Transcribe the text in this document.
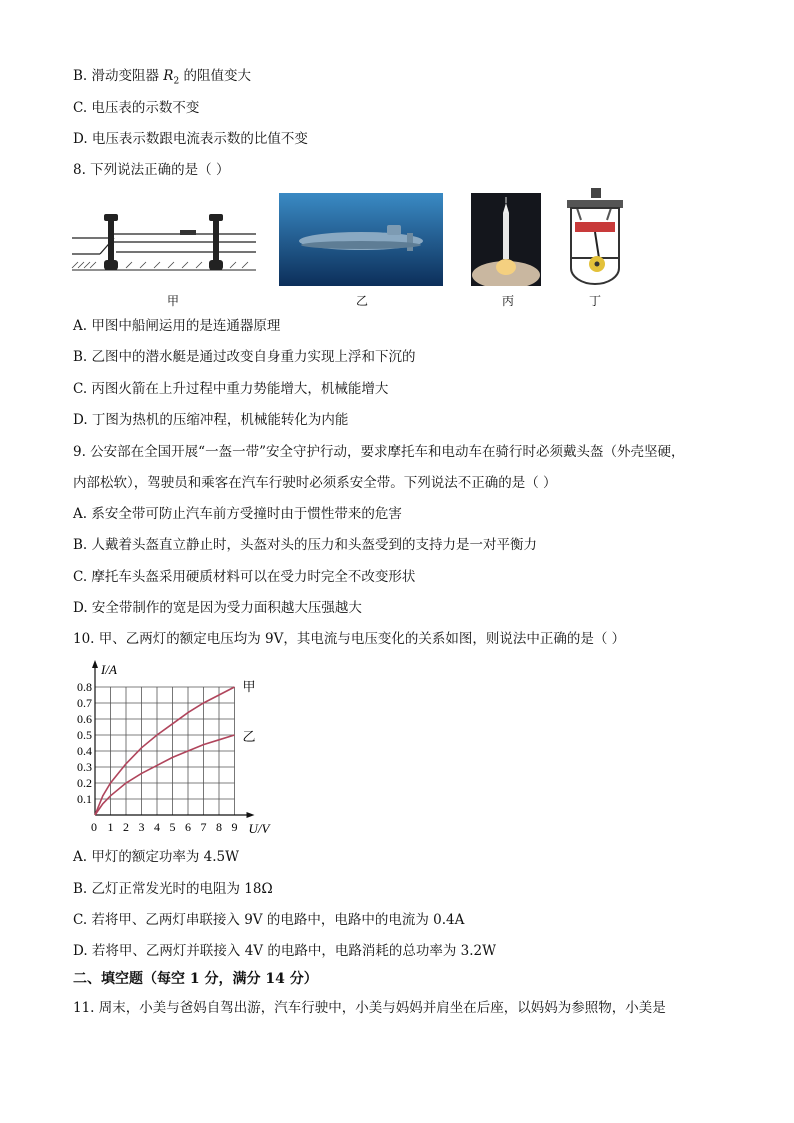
B. 滑动变阻器 $R_2$ 的阻值变大
C. 电压表的示数不变
D. 电压表示数跟电流表示数的比值不变
8. 下列说法正确的是（ ）
甲	乙	丙	丁
A. 甲图中船闸运用的是连通器原理
B. 乙图中的潜水艇是通过改变自身重力实现上浮和下沉的
C. 丙图火箭在上升过程中重力势能增大，机械能增大
D. 丁图为热机的压缩冲程，机械能转化为内能
9. 公安部在全国开展“一盔一带”安全守护行动，要求摩托车和电动车在骑行时必须戴头盔（外壳坚硬，
内部松软），驾驶员和乘客在汽车行驶时必须系安全带。下列说法不正确的是（ ）
A. 系安全带可防止汽车前方受撞时由于惯性带来的危害
B. 人戴着头盔直立静止时，头盔对头的压力和头盔受到的支持力是一对平衡力
C. 摩托车头盔采用硬质材料可以在受力时完全不改变形状
D. 安全带制作的宽是因为受力面积越大压强越大
10. 甲、乙两灯的额定电压均为 9V，其电流与电压变化的关系如图，则说法中正确的是（ ）
0 1 2 3 4 5 6 7 8 9
0.1
0.2
0.3
0.4
0.5
0.6
0.7
0.8
I/A
U/V
甲
乙
A. 甲灯的额定功率为 4.5W
B. 乙灯正常发光时的电阻为 18Ω
C. 若将甲、乙两灯串联接入 9V 的电路中，电路中的电流为 0.4A
D. 若将甲、乙两灯并联接入 4V 的电路中，电路消耗的总功率为 3.2W
二、填空题（每空 1 分，满分 14 分）
11. 周末，小美与爸妈自驾出游，汽车行驶中，小美与妈妈并肩坐在后座，以妈妈为参照物，小美是
